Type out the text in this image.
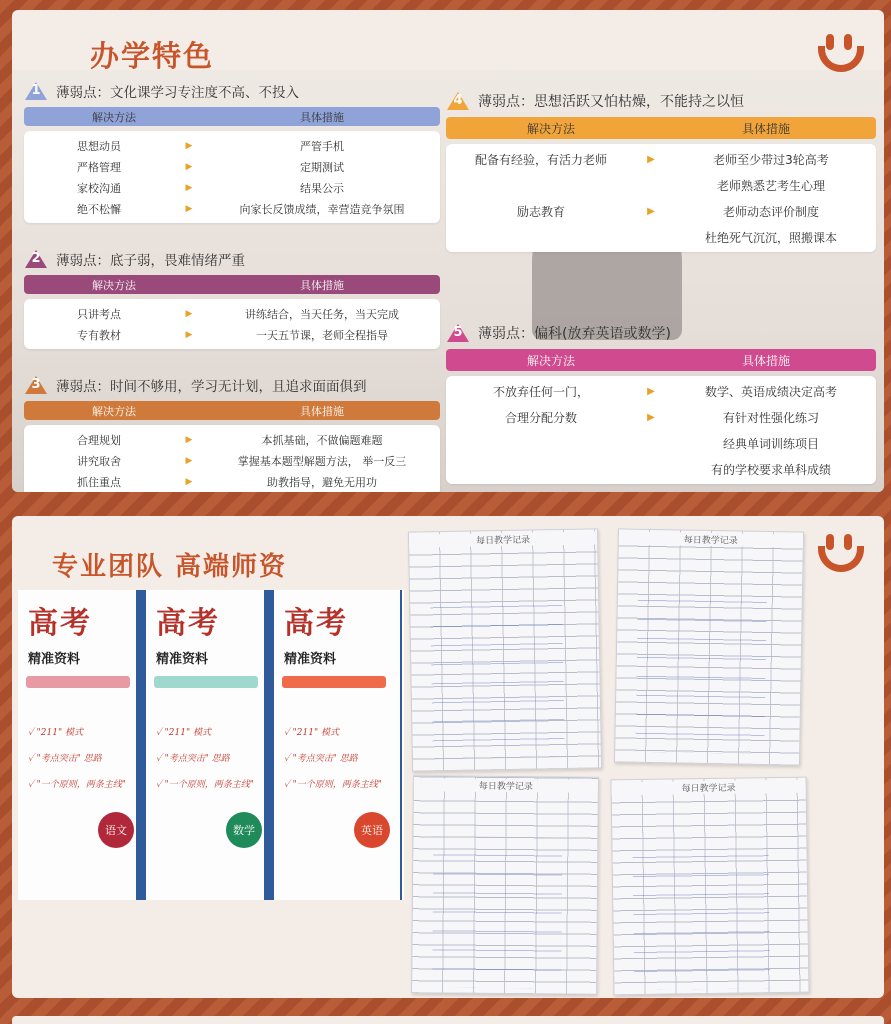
办学特色
1	薄弱点：文化课学习专注度不高、不投入
解决方法	具体措施
思想动员	▶	严管手机
严格管理	▶	定期测试
家校沟通	▶	结果公示
绝不松懈	▶	向家长反馈成绩，幸营造竞争氛围
2	薄弱点：底子弱，畏难情绪严重
解决方法	具体措施
只讲考点	▶	讲练结合，当天任务，当天完成
专有教材	▶	一天五节课，老师全程指导
3	薄弱点：时间不够用，学习无计划，且追求面面俱到
解决方法	具体措施
合理规划	▶	本抓基础，不做偏题难题
讲究取舍	▶	掌握基本题型解题方法， 举一反三
抓住重点	▶	助教指导，避免无用功
4	薄弱点：思想活跃又怕枯燥，不能持之以恒
解决方法	具体措施
配备有经验，有活力老师	▶	老师至少带过3轮高考
老师熟悉艺考生心理
励志教育	▶	老师动态评价制度
杜绝死气沉沉，照搬课本
5	薄弱点：偏科(放弃英语或数学)
解决方法	具体措施
不放弃任何一门，	▶	数学、英语成绩决定高考
合理分配分数	▶	有针对性强化练习
经典单词训练项目
有的学校要求单科成绩
专业团队 高端师资
高考
精准资料
✓ "211" 模式
✓ "考点突击" 思路
✓ "一个原则，两条主线"
语文
高考
精准资料
✓ "211" 模式
✓ "考点突击" 思路
✓ "一个原则，两条主线"
数学
高考
精准资料
✓ "211" 模式
✓ "考点突击" 思路
✓ "一个原则，两条主线"
英语
每日教学记录	每日教学记录
每日教学记录	每日教学记录
